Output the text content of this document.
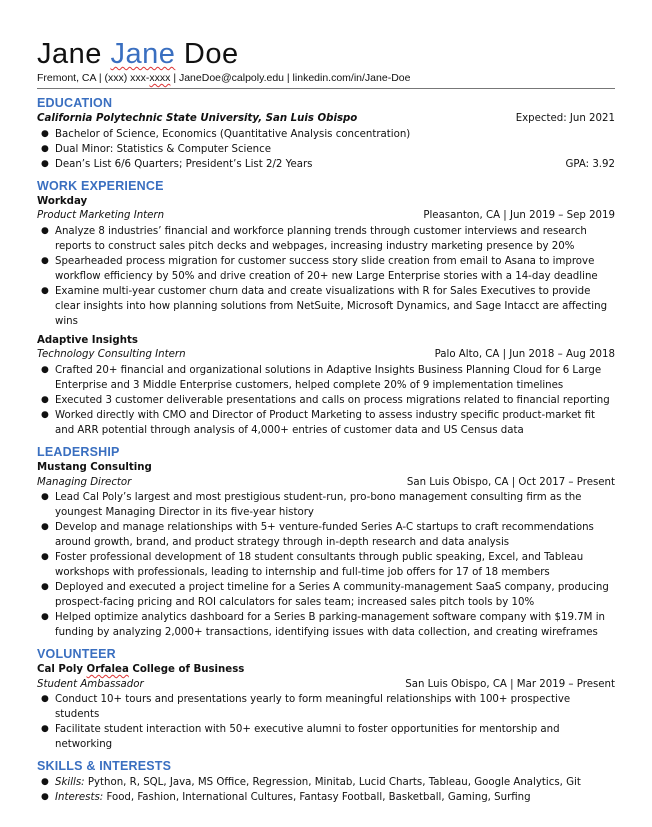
Jane Jane Doe
Fremont, CA | (xxx) xxx-xxxx | JaneDoe@calpoly.edu | linkedin.com/in/Jane-Doe
EDUCATION
California Polytechnic State University, San Luis Obispo	Expected: Jun 2021
● Bachelor of Science, Economics (Quantitative Analysis concentration)
● Dual Minor: Statistics & Computer Science
● Dean’s List 6/6 Quarters; President’s List 2/2 Years	GPA: 3.92
WORK EXPERIENCE
Workday
Product Marketing Intern	Pleasanton, CA | Jun 2019 – Sep 2019
● Analyze 8 industries’ financial and workforce planning trends through customer interviews and research reports to construct sales pitch decks and webpages, increasing industry marketing presence by 20%
● Spearheaded process migration for customer success story slide creation from email to Asana to improve workflow efficiency by 50% and drive creation of 20+ new Large Enterprise stories with a 14-day deadline
● Examine multi-year customer churn data and create visualizations with R for Sales Executives to provide clear insights into how planning solutions from NetSuite, Microsoft Dynamics, and Sage Intacct are affecting wins
Adaptive Insights
Technology Consulting Intern	Palo Alto, CA | Jun 2018 – Aug 2018
● Crafted 20+ financial and organizational solutions in Adaptive Insights Business Planning Cloud for 6 Large Enterprise and 3 Middle Enterprise customers, helped complete 20% of 9 implementation timelines
● Executed 3 customer deliverable presentations and calls on process migrations related to financial reporting
● Worked directly with CMO and Director of Product Marketing to assess industry specific product-market fit and ARR potential through analysis of 4,000+ entries of customer data and US Census data
LEADERSHIP
Mustang Consulting
Managing Director	San Luis Obispo, CA | Oct 2017 – Present
● Lead Cal Poly’s largest and most prestigious student-run, pro-bono management consulting firm as the youngest Managing Director in its five-year history
● Develop and manage relationships with 5+ venture-funded Series A-C startups to craft recommendations around growth, brand, and product strategy through in-depth research and data analysis
● Foster professional development of 18 student consultants through public speaking, Excel, and Tableau workshops with professionals, leading to internship and full-time job offers for 17 of 18 members
● Deployed and executed a project timeline for a Series A community-management SaaS company, producing prospect-facing pricing and ROI calculators for sales team; increased sales pitch tools by 10%
● Helped optimize analytics dashboard for a Series B parking-management software company with $19.7M in funding by analyzing 2,000+ transactions, identifying issues with data collection, and creating wireframes
VOLUNTEER
Cal Poly Orfalea College of Business
Student Ambassador	San Luis Obispo, CA | Mar 2019 – Present
● Conduct 10+ tours and presentations yearly to form meaningful relationships with 100+ prospective students
● Facilitate student interaction with 50+ executive alumni to foster opportunities for mentorship and networking
SKILLS & INTERESTS
● Skills: Python, R, SQL, Java, MS Office, Regression, Minitab, Lucid Charts, Tableau, Google Analytics, Git
● Interests: Food, Fashion, International Cultures, Fantasy Football, Basketball, Gaming, Surfing
